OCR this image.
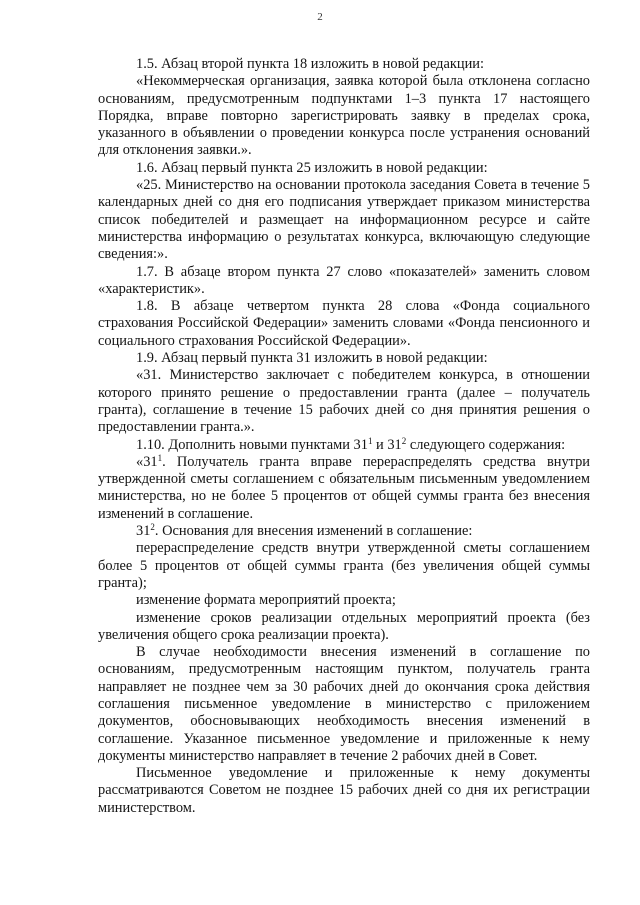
2

1.5. Абзац второй пункта 18 изложить в новой редакции:

«Некоммерческая организация, заявка которой была отклонена согласно основаниям, предусмотренным подпунктами 1–3 пункта 17 настоящего Порядка, вправе повторно зарегистрировать заявку в пределах срока, указанного в объявлении о проведении конкурса после устранения оснований для отклонения заявки.».

1.6. Абзац первый пункта 25 изложить в новой редакции:

«25. Министерство на основании протокола заседания Совета в течение 5 календарных дней со дня его подписания утверждает приказом министерства список победителей и размещает на информационном ресурсе и сайте министерства информацию о результатах конкурса, включающую следующие сведения:».

1.7. В абзаце втором пункта 27 слово «показателей» заменить словом «характеристик».

1.8. В абзаце четвертом пункта 28 слова «Фонда социального страхования Российской Федерации» заменить словами «Фонда пенсионного и социального страхования Российской Федерации».

1.9. Абзац первый пункта 31 изложить в новой редакции:

«31. Министерство заключает с победителем конкурса, в отношении которого принято решение о предоставлении гранта (далее – получатель гранта), соглашение в течение 15 рабочих дней со дня принятия решения о предоставлении гранта.».

1.10. Дополнить новыми пунктами $31^1$ и $31^2$ следующего содержания:

«$31^1$. Получатель гранта вправе перераспределять средства внутри утвержденной сметы соглашением с обязательным письменным уведомлением министерства, но не более 5 процентов от общей суммы гранта без внесения изменений в соглашение.

$31^2$. Основания для внесения изменений в соглашение:

перераспределение средств внутри утвержденной сметы соглашением более 5 процентов от общей суммы гранта (без увеличения общей суммы гранта);

изменение формата мероприятий проекта;

изменение сроков реализации отдельных мероприятий проекта (без увеличения общего срока реализации проекта).

В случае необходимости внесения изменений в соглашение по основаниям, предусмотренным настоящим пунктом, получатель гранта направляет не позднее чем за 30 рабочих дней до окончания срока действия соглашения письменное уведомление в министерство с приложением документов, обосновывающих необходимость внесения изменений в соглашение. Указанное письменное уведомление и приложенные к нему документы министерство направляет в течение 2 рабочих дней в Совет.

Письменное уведомление и приложенные к нему документы рассматриваются Советом не позднее 15 рабочих дней со дня их регистрации министерством.
